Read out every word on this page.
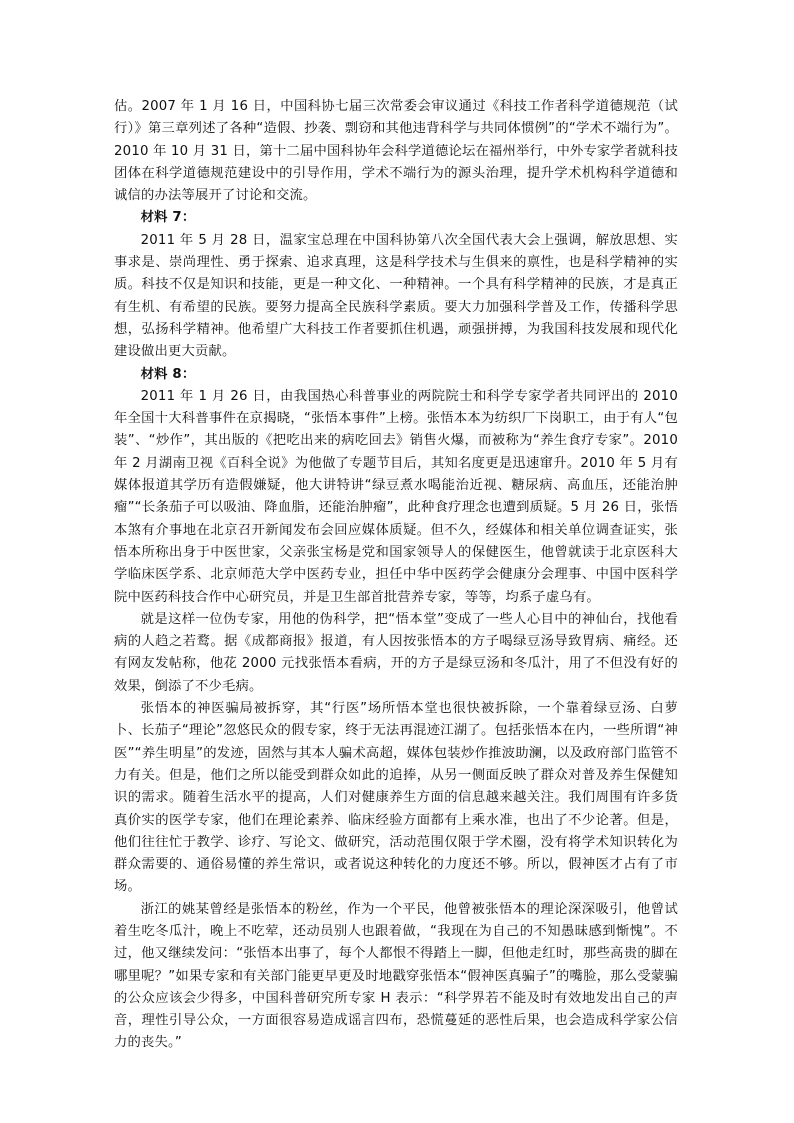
估。2007 年 1 月 16 日，中国科协七届三次常委会审议通过《科技工作者科学道德规范（试行）》第三章列述了各种“造假、抄袭、剽窃和其他违背科学与共同体惯例”的“学术不端行为”。2010 年 10 月 31 日，第十二届中国科协年会科学道德论坛在福州举行，中外专家学者就科技团体在科学道德规范建设中的引导作用，学术不端行为的源头治理，提升学术机构科学道德和诚信的办法等展开了讨论和交流。

材料 7：

2011 年 5 月 28 日，温家宝总理在中国科协第八次全国代表大会上强调，解放思想、实事求是、崇尚理性、勇于探索、追求真理，这是科学技术与生俱来的禀性，也是科学精神的实质。科技不仅是知识和技能，更是一种文化、一种精神。一个具有科学精神的民族，才是真正有生机、有希望的民族。要努力提高全民族科学素质。要大力加强科学普及工作，传播科学思想，弘扬科学精神。他希望广大科技工作者要抓住机遇，顽强拼搏，为我国科技发展和现代化建设做出更大贡献。

材料 8：

2011 年 1 月 26 日，由我国热心科普事业的两院院士和科学专家学者共同评出的 2010 年全国十大科普事件在京揭晓，“张悟本事件”上榜。张悟本本为纺织厂下岗职工，由于有人“包装”、“炒作”，其出版的《把吃出来的病吃回去》销售火爆，而被称为“养生食疗专家”。2010 年 2 月湖南卫视《百科全说》为他做了专题节目后，其知名度更是迅速窜升。2010 年 5 月有媒体报道其学历有造假嫌疑，他大讲特讲“绿豆煮水喝能治近视、糖尿病、高血压，还能治肿瘤”“长条茄子可以吸油、降血脂，还能治肿瘤”，此种食疗理念也遭到质疑。5 月 26 日，张悟本煞有介事地在北京召开新闻发布会回应媒体质疑。但不久，经媒体和相关单位调查证实，张悟本所称出身于中医世家，父亲张宝杨是党和国家领导人的保健医生，他曾就读于北京医科大学临床医学系、北京师范大学中医药专业，担任中华中医药学会健康分会理事、中国中医科学院中医药科技合作中心研究员，并是卫生部首批营养专家，等等，均系子虚乌有。

就是这样一位伪专家，用他的伪科学，把“悟本堂”变成了一些人心目中的神仙台，找他看病的人趋之若鹜。据《成都商报》报道，有人因按张悟本的方子喝绿豆汤导致胃病、痛经。还有网友发帖称，他花 2000 元找张悟本看病，开的方子是绿豆汤和冬瓜汁，用了不但没有好的效果，倒添了不少毛病。

张悟本的神医骗局被拆穿，其“行医”场所悟本堂也很快被拆除，一个靠着绿豆汤、白萝卜、长茄子“理论”忽悠民众的假专家，终于无法再混迹江湖了。包括张悟本在内，一些所谓“神医”“养生明星”的发迹，固然与其本人骗术高超，媒体包装炒作推波助澜，以及政府部门监管不力有关。但是，他们之所以能受到群众如此的追捧，从另一侧面反映了群众对普及养生保健知识的需求。随着生活水平的提高，人们对健康养生方面的信息越来越关注。我们周围有许多货真价实的医学专家，他们在理论素养、临床经验方面都有上乘水准，也出了不少论著。但是，他们往往忙于教学、诊疗、写论文、做研究，活动范围仅限于学术圈，没有将学术知识转化为群众需要的、通俗易懂的养生常识，或者说这种转化的力度还不够。所以，假神医才占有了市场。

浙江的姚某曾经是张悟本的粉丝，作为一个平民，他曾被张悟本的理论深深吸引，他曾试着生吃冬瓜汁，晚上不吃荤，还动员别人也跟着做，“我现在为自己的不知愚昧感到惭愧”。不过，他又继续发问：“张悟本出事了，每个人都恨不得踏上一脚，但他走红时，那些高贵的脚在哪里呢？”如果专家和有关部门能更早更及时地戳穿张悟本“假神医真骗子”的嘴脸，那么受蒙骗的公众应该会少得多，中国科普研究所专家 H 表示：“科学界若不能及时有效地发出自己的声音，理性引导公众，一方面很容易造成谣言四布，恐慌蔓延的恶性后果，也会造成科学家公信力的丧失。”
